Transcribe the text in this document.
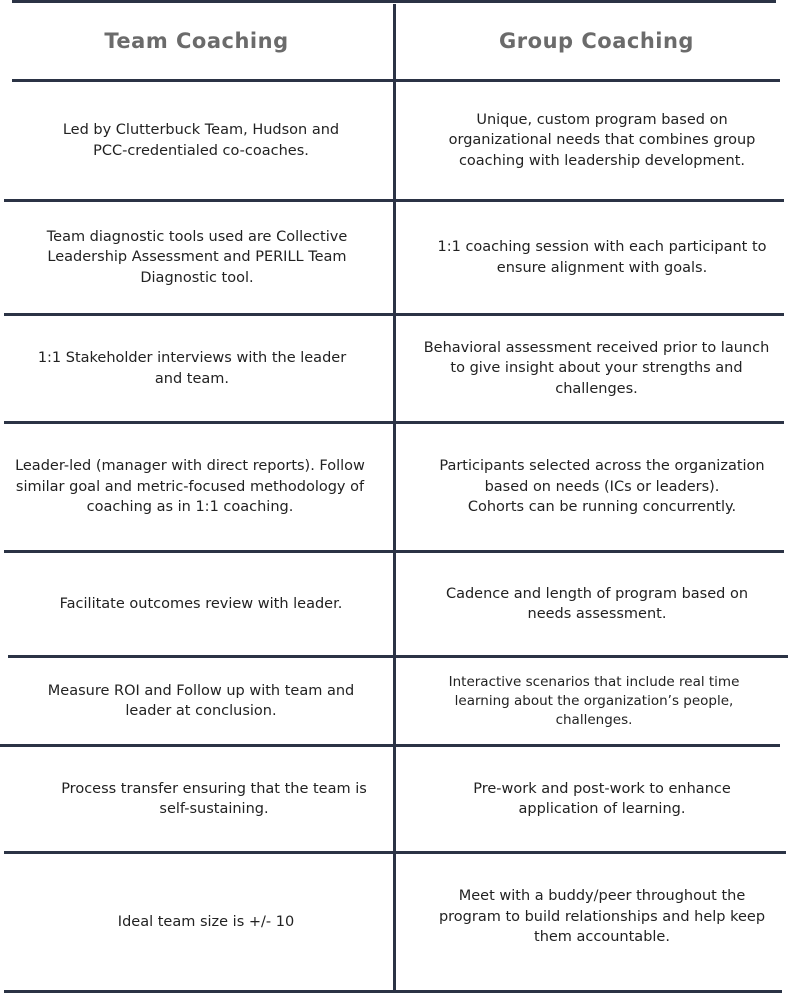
Team Coaching	Group Coaching
Led by Clutterbuck Team, Hudson and
PCC-credentialed co-coaches.
Unique, custom program based on
organizational needs that combines group
coaching with leadership development.
Team diagnostic tools used are Collective
Leadership Assessment and PERILL Team
Diagnostic tool.
1:1 coaching session with each participant to
ensure alignment with goals.
1:1 Stakeholder interviews with the leader
and team.
Behavioral assessment received prior to launch
to give insight about your strengths and
challenges.
Leader-led (manager with direct reports). Follow
similar goal and metric-focused methodology of
coaching as in 1:1 coaching.
Participants selected across the organization
based on needs (ICs or leaders).
Cohorts can be running concurrently.
Facilitate outcomes review with leader.
Cadence and length of program based on
needs assessment.
Measure ROI and Follow up with team and
leader at conclusion.
Interactive scenarios that include real time
learning about the organization’s people,
challenges.
Process transfer ensuring that the team is
self-sustaining.
Pre-work and post-work to enhance
application of learning.
Ideal team size is +/- 10
Meet with a buddy/peer throughout the
program to build relationships and help keep
them accountable.
